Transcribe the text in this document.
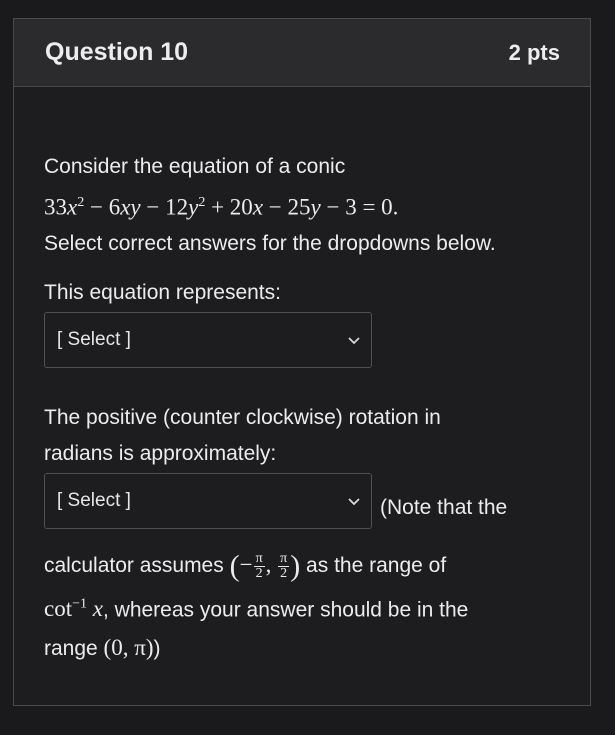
Question 10	2 pts
Consider the equation of a conic
$33x^2 - 6xy - 12y^2 + 20x - 25y - 3 = 0$.
Select correct answers for the dropdowns below.
This equation represents:
[ Select ]
The positive (counter clockwise) rotation in
radians is approximately:
[ Select ]	(Note that the
calculator assumes (− $\frac{\pi}{2}$ , $\frac{\pi}{2}$ ) as the range of
$\cot^{-1} x$, whereas your answer should be in the
range (0, π))
